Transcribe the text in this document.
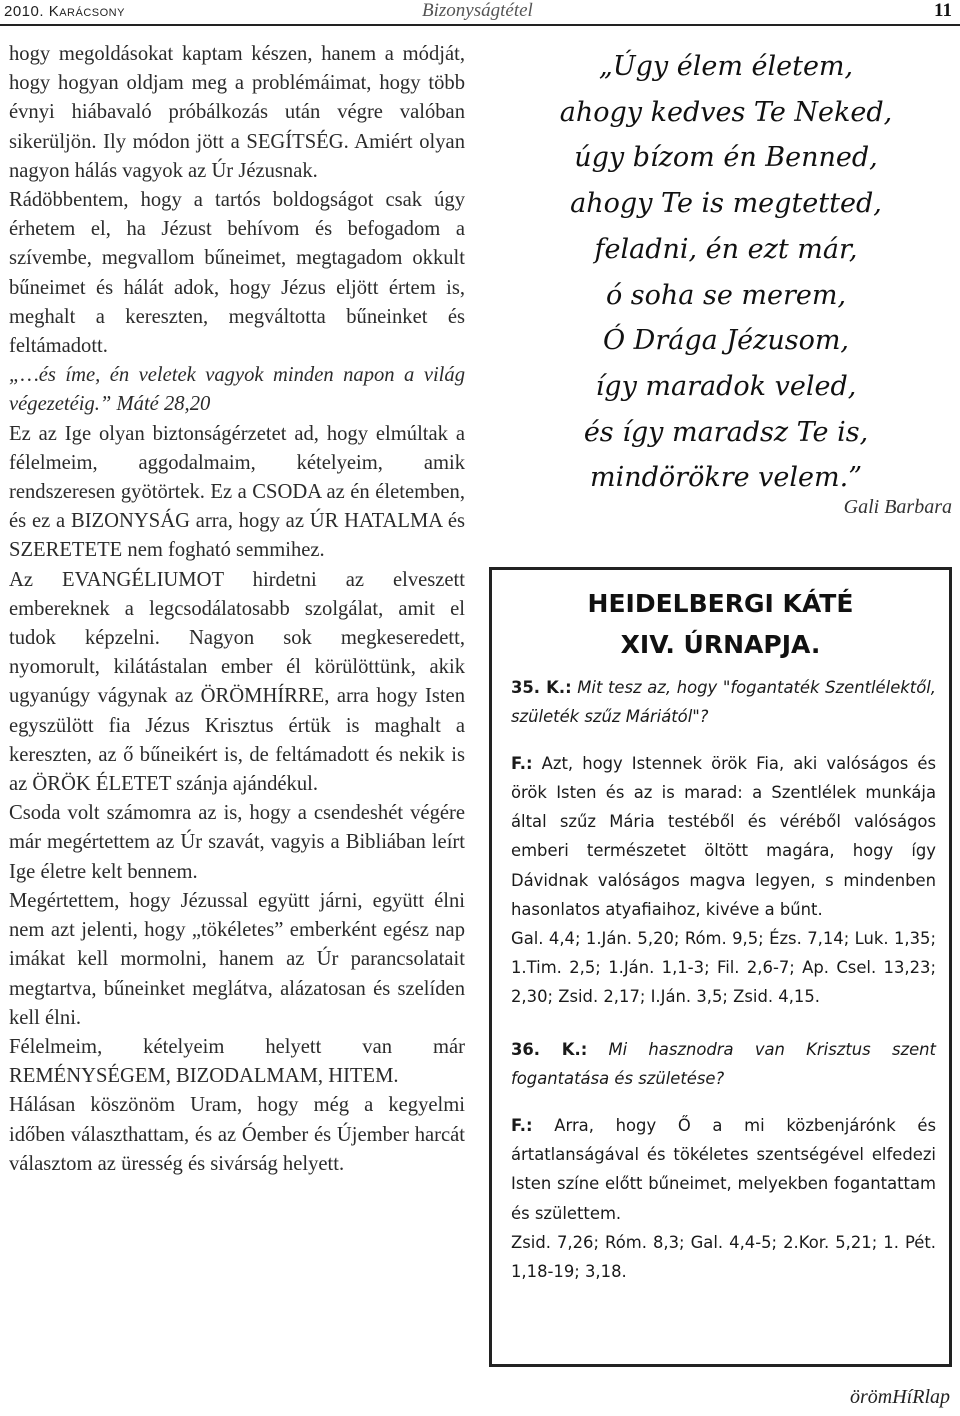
2010. Karácsony	Bizonyságtétel	11

hogy megoldásokat kaptam készen, hanem a módját, hogy hogyan oldjam meg a problémáimat, hogy több évnyi hiábavaló próbálkozás után végre valóban sikerüljön. Ily módon jött a SEGÍTSÉG. Amiért olyan nagyon hálás vagyok az Úr Jézusnak.

Rádöbbentem, hogy a tartós boldogságot csak úgy érhetem el, ha Jézust behívom és befogadom a szívembe, megvallom bűneimet, megtagadom okkult bűneimet és hálát adok, hogy Jézus eljött értem is, meghalt a kereszten, megváltotta bűneinket és feltámadott.

„…és íme, én veletek vagyok minden napon a világ végezetéig.” Máté 28,20

Ez az Ige olyan biztonságérzetet ad, hogy elmúltak a félelmeim, aggodalmaim, kételyeim, amik rendszeresen gyötörtek. Ez a CSODA az én életemben, és ez a BIZONYSÁG arra, hogy az ÚR HATALMA és SZERETETE nem fogható semmihez.

Az EVANGÉLIUMOT hirdetni az elveszett embereknek a legcsodálatosabb szolgálat, amit el tudok képzelni. Nagyon sok megkeseredett, nyomorult, kilátástalan ember él körülöttünk, akik ugyanúgy vágynak az ÖRÖMHÍRRE, arra hogy Isten egyszülött fia Jézus Krisztus értük is maghalt a kereszten, az ő bűneikért is, de feltámadott és nekik is az ÖRÖK ÉLETET szánja ajándékul.

Csoda volt számomra az is, hogy a csendeshét végére már megértettem az Úr szavát, vagyis a Bibliában leírt Ige életre kelt bennem.

Megértettem, hogy Jézussal együtt járni, együtt élni nem azt jelenti, hogy „tökéletes” emberként egész nap imákat kell mormolni, hanem az Úr parancsolatait megtartva, bűneinket meglátva, alázatosan és szelíden kell élni.

Félelmeim, kételyeim helyett van már REMÉNYSÉGEM, BIZODALMAM, HITEM.

Hálásan köszönöm Uram, hogy még a kegyelmi időben választhattam, és az Óember és Újember harcát választom az üresség és sivárság helyett.

„Úgy élem életem,
ahogy kedves Te Neked,
úgy bízom én Benned,
ahogy Te is megtetted,
feladni, én ezt már,
ó soha se merem,
Ó Drága Jézusom,
így maradok veled,
és így maradsz Te is,
mindörökre velem.”
Gali Barbara
HEIDELBERGI KÁTÉ
XIV. ÚRNAPJA.

35. K.: Mit tesz az, hogy "fogantaték Szentlélektől, születék szűz Máriától"?

F.: Azt, hogy Istennek örök Fia, aki valóságos és örök Isten és az is marad: a Szentlélek munkája által szűz Mária testéből és véréből valóságos emberi természetet öltött magára, hogy így Dávidnak valóságos magva legyen, s mindenben hasonlatos atyafiaihoz, kivéve a bűnt.

Gal. 4,4; 1.Ján. 5,20; Róm. 9,5; Ézs. 7,14; Luk. 1,35; 1.Tim. 2,5; 1.Ján. 1,1-3; Fil. 2,6-7; Ap. Csel. 13,23; 2,30; Zsid. 2,17; I.Ján. 3,5; Zsid. 4,15.

36. K.: Mi hasznodra van Krisztus szent fogantatása és születése?

F.: Arra, hogy Ő a mi közbenjárónk és ártatlanságával és tökéletes szentségével elfedezi Isten színe előtt bűneimet, melyekben fogantattam és születtem.

Zsid. 7,26; Róm. 8,3; Gal. 4,4-5; 2.Kor. 5,21; 1. Pét. 1,18-19; 3,18.

örömHíRlap
